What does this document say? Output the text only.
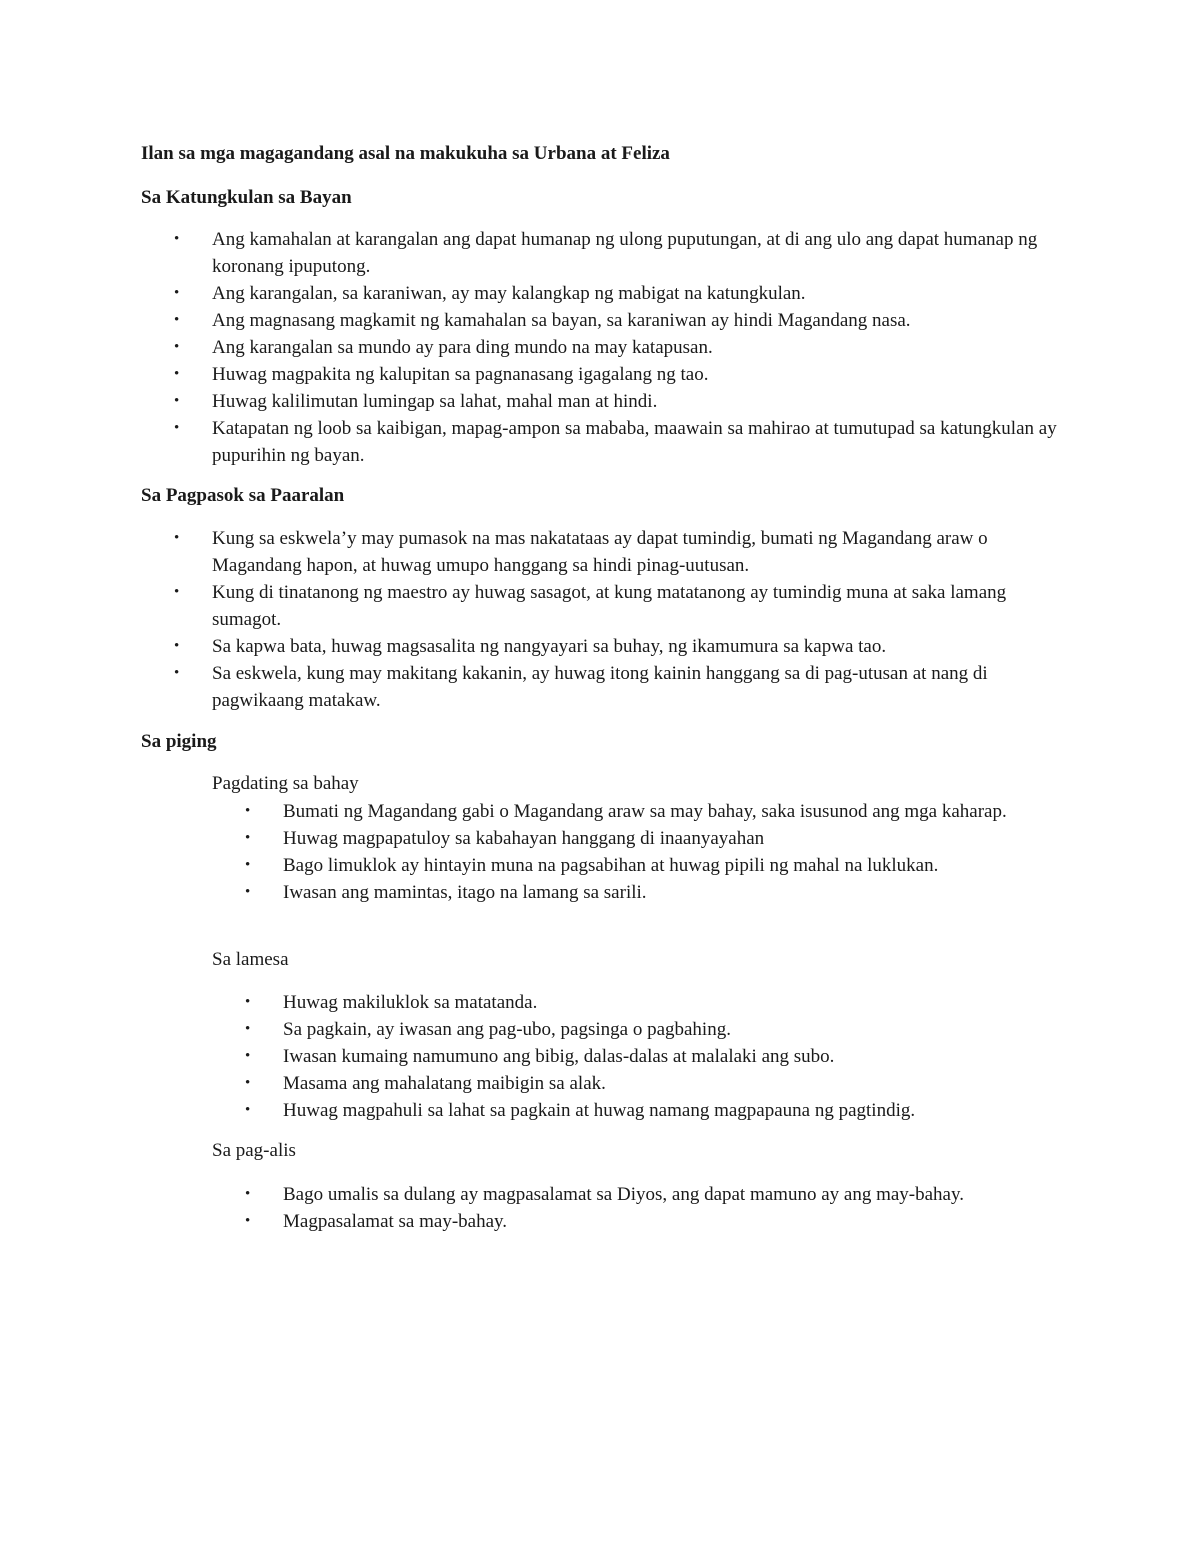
Ilan sa mga magagandang asal na makukuha sa Urbana at Feliza
Sa Katungkulan sa Bayan
• Ang kamahalan at karangalan ang dapat humanap ng ulong puputungan, at di ang ulo ang dapat humanap ng koronang ipuputong.
• Ang karangalan, sa karaniwan, ay may kalangkap ng mabigat na katungkulan.
• Ang magnasang magkamit ng kamahalan sa bayan, sa karaniwan ay hindi Magandang nasa.
• Ang karangalan sa mundo ay para ding mundo na may katapusan.
• Huwag magpakita ng kalupitan sa pagnanasang igagalang ng tao.
• Huwag kalilimutan lumingap sa lahat, mahal man at hindi.
• Katapatan ng loob sa kaibigan, mapag-ampon sa mababa, maawain sa mahirao at tumutupad sa katungkulan ay pupurihin ng bayan.
Sa Pagpasok sa Paaralan
• Kung sa eskwela’y may pumasok na mas nakatataas ay dapat tumindig, bumati ng Magandang araw o Magandang hapon, at huwag umupo hanggang sa hindi pinag-uutusan.
• Kung di tinatanong ng maestro ay huwag sasagot, at kung matatanong ay tumindig muna at saka lamang sumagot.
• Sa kapwa bata, huwag magsasalita ng nangyayari sa buhay, ng ikamumura sa kapwa tao.
• Sa eskwela, kung may makitang kakanin, ay huwag itong kainin hanggang sa di pag-utusan at nang di pagwikaang matakaw.
Sa piging
Pagdating sa bahay
• Bumati ng Magandang gabi o Magandang araw sa may bahay, saka isusunod ang mga kaharap.
• Huwag magpapatuloy sa kabahayan hanggang di inaanyayahan
• Bago limuklok ay hintayin muna na pagsabihan at huwag pipili ng mahal na luklukan.
• Iwasan ang mamintas, itago na lamang sa sarili.
Sa lamesa
• Huwag makiluklok sa matatanda.
• Sa pagkain, ay iwasan ang pag-ubo, pagsinga o pagbahing.
• Iwasan kumaing namumuno ang bibig, dalas-dalas at malalaki ang subo.
• Masama ang mahalatang maibigin sa alak.
• Huwag magpahuli sa lahat sa pagkain at huwag namang magpapauna ng pagtindig.
Sa pag-alis
• Bago umalis sa dulang ay magpasalamat sa Diyos, ang dapat mamuno ay ang may-bahay.
• Magpasalamat sa may-bahay.
